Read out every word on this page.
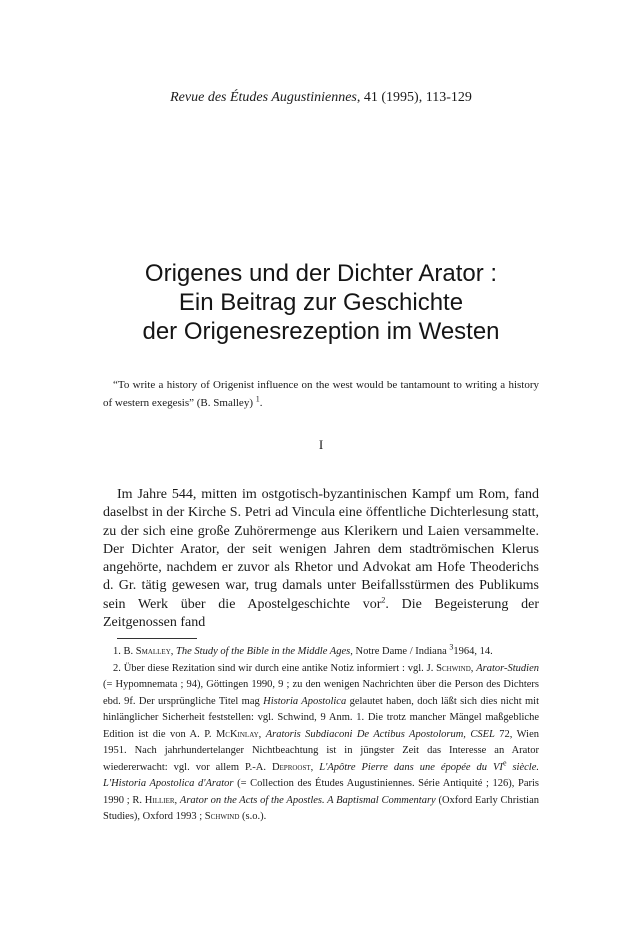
Revue des Études Augustiniennes, 41 (1995), 113-129
Origenes und der Dichter Arator :
Ein Beitrag zur Geschichte
der Origenesrezeption im Westen
“To write a history of Origenist influence on the west would be tantamount to writing a history of western exegesis” (B. Smalley) $^1$.
I
Im Jahre 544, mitten im ostgotisch-byzantinischen Kampf um Rom, fand daselbst in der Kirche S. Petri ad Vincula eine öffentliche Dichterlesung statt, zu der sich eine große Zuhörermenge aus Klerikern und Laien versammelte. Der Dichter Arator, der seit wenigen Jahren dem stadtrömischen Klerus angehörte, nachdem er zuvor als Rhetor und Advokat am Hofe Theoderichs d. Gr. tätig gewesen war, trug damals unter Beifallsstürmen des Publikums sein Werk über die Apostelgeschichte vor$^2$. Die Begeisterung der Zeitgenossen fand

1. B. Smalley, The Study of the Bible in the Middle Ages, Notre Dame / Indiana $^3$1964, 14.

2. Über diese Rezitation sind wir durch eine antike Notiz informiert : vgl. J. Schwind, Arator-Studien (= Hypomnemata ; 94), Göttingen 1990, 9 ; zu den wenigen Nachrichten über die Person des Dichters ebd. 9f. Der ursprüngliche Titel mag Historia Apostolica gelautet haben, doch läßt sich dies nicht mit hinlänglicher Sicherheit feststellen: vgl. Schwind, 9 Anm. 1. Die trotz mancher Mängel maßgebliche Edition ist die von A. P. McKinlay, Aratoris Subdiaconi De Actibus Apostolorum, CSEL 72, Wien 1951. Nach jahrhundertelanger Nichtbeachtung ist in jüngster Zeit das Interesse an Arator wiedererwacht: vgl. vor allem P.-A. Deproost, L'Apôtre Pierre dans une épopée du VIe siècle. L'Historia Apostolica d'Arator (= Collection des Études Augustiniennes. Série Antiquité ; 126), Paris 1990 ; R. Hillier, Arator on the Acts of the Apostles. A Baptismal Commentary (Oxford Early Christian Studies), Oxford 1993 ; Schwind (s.o.).
